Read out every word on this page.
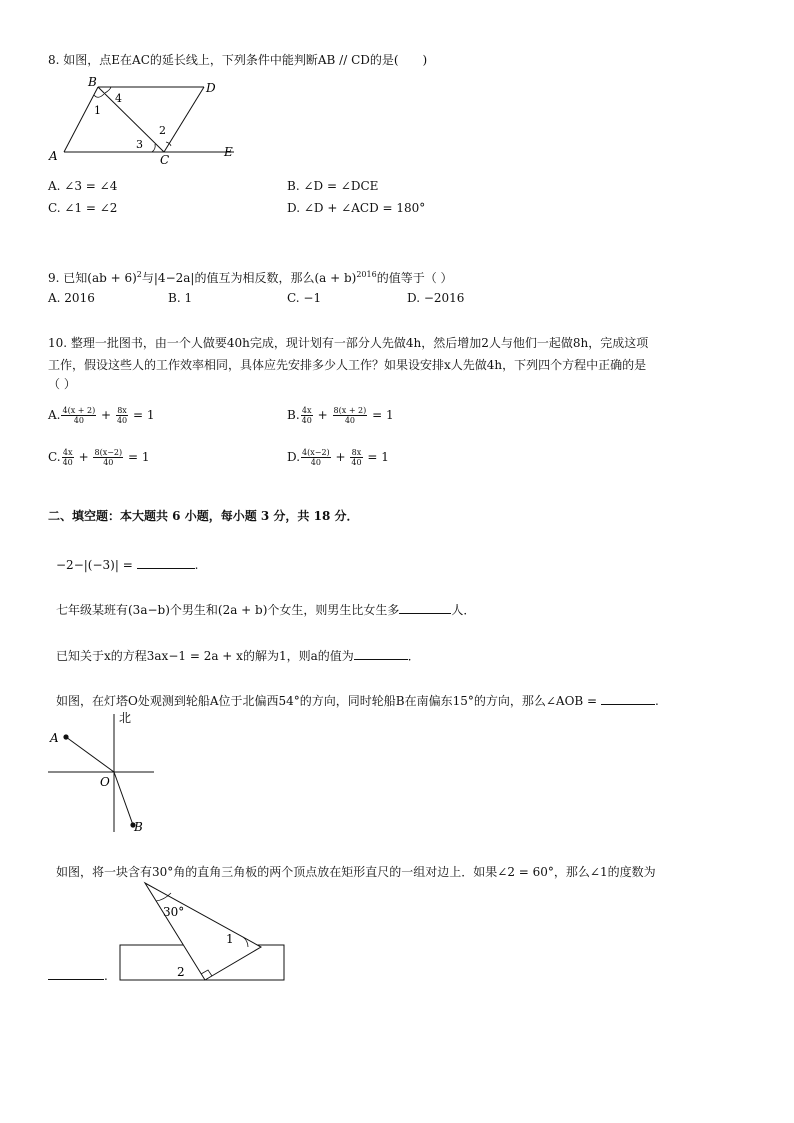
8. 如图，点E在AC的延长线上，下列条件中能判断AB // CD的是(　　)
B	D
A	C
E
1
4
3
2
A. ∠3 = ∠4	B. ∠D = ∠DCE
C. ∠1 = ∠2	D. ∠D + ∠ACD = 180°
9. 已知(ab + 6)$^2$与|4−2a|的值互为相反数，那么$(a + b)^{2016}$的值等于（ ）
A. 2016	B. 1	C. −1	D. −2016
10. 整理一批图书，由一个人做要40h完成，现计划有一部分人先做4h，然后增加2人与他们一起做8h，完成这项
工作，假设这些人的工作效率相同，具体应先安排多少人工作？如果设安排x人先做4h，下列四个方程中正确的是
（ ）
A. $\frac{4(x + 2)}{40} + \frac{8x}{40} = 1$	B. $\frac{4x}{40} + \frac{8(x + 2)}{40} = 1$
C. $\frac{4x}{40} + \frac{8(x-2)}{40} = 1$	D. $\frac{4(x-2)}{40} + \frac{8x}{40} = 1$
二、填空题：本大题共 6 小题，每小题 3 分，共 18 分．
−2−|(−3)| =	.
七年级某班有(3a−b)个男生和(2a + b)个女生，则男生比女生多	人．
已知关于x的方程3ax−1 = 2a + x的解为1，则a的值为	．
如图，在灯塔O处观测到轮船A位于北偏西54°的方向，同时轮船B在南偏东15°的方向，那么∠AOB =	.
北
A
O
B
如图，将一块含有30°角的直角三角板的两个顶点放在矩形直尺的一组对边上．如果∠2 = 60°，那么∠1的度数为
30°
1
2
.
